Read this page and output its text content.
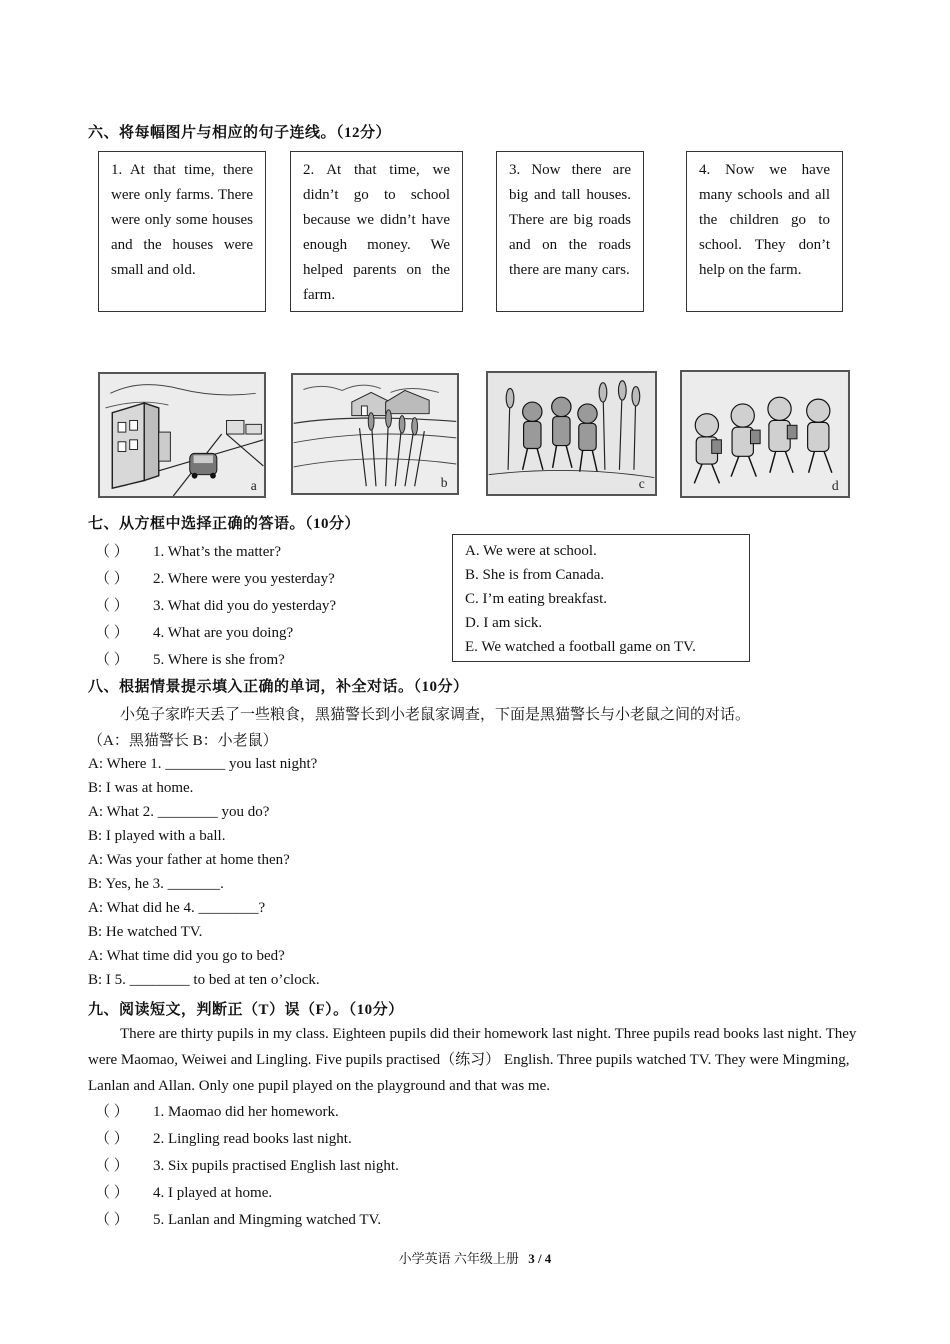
六、将每幅图片与相应的句子连线。（12分）

1. At that time, there were only farms. There were only some houses and the houses were small and old.

2. At that time, we didn’t go to school because we didn’t have enough money. We helped parents on the farm.

3. Now there are big and tall houses. There are big roads and on the roads there are many cars.

4. Now we have many schools and all the children go to school. They don’t help on the farm.

a	b	c	d
七、从方框中选择正确的答语。（10分）
（ ） 1. What’s the matter?
（ ） 2. Where were you yesterday?
（ ） 3. What did you do yesterday?
（ ） 4. What are you doing?
（ ） 5. Where is she from?
A. We were at school.
B. She is from Canada.
C. I’m eating breakfast.
D. I am sick.
E. We watched a football game on TV.
八、根据情景提示填入正确的单词，补全对话。（10分）
小兔子家昨天丢了一些粮食，黑猫警长到小老鼠家调查，下面是黑猫警长与小老鼠之间的对话。
（A：黑猫警长 B：小老鼠）
A: Where 1. ________ you last night?
B: I was at home.
A: What 2. ________ you do?
B: I played with a ball.
A: Was your father at home then?
B: Yes, he 3. _______.
A: What did he 4. ________?
B: He watched TV.
A: What time did you go to bed?
B: I 5. ________ to bed at ten o’clock.
九、阅读短文，判断正（T）误（F）。（10分）
There are thirty pupils in my class. Eighteen pupils did their homework last night. Three pupils read books last night. They were Maomao, Weiwei and Lingling. Five pupils practised（练习） English. Three pupils watched TV. They were Mingming, Lanlan and Allan. Only one pupil played on the playground and that was me.
（ ） 1. Maomao did her homework.
（ ） 2. Lingling read books last night.
（ ） 3. Six pupils practised English last night.
（ ） 4. I played at home.
（ ） 5. Lanlan and Mingming watched TV.
小学英语 六年级上册 3 / 4
